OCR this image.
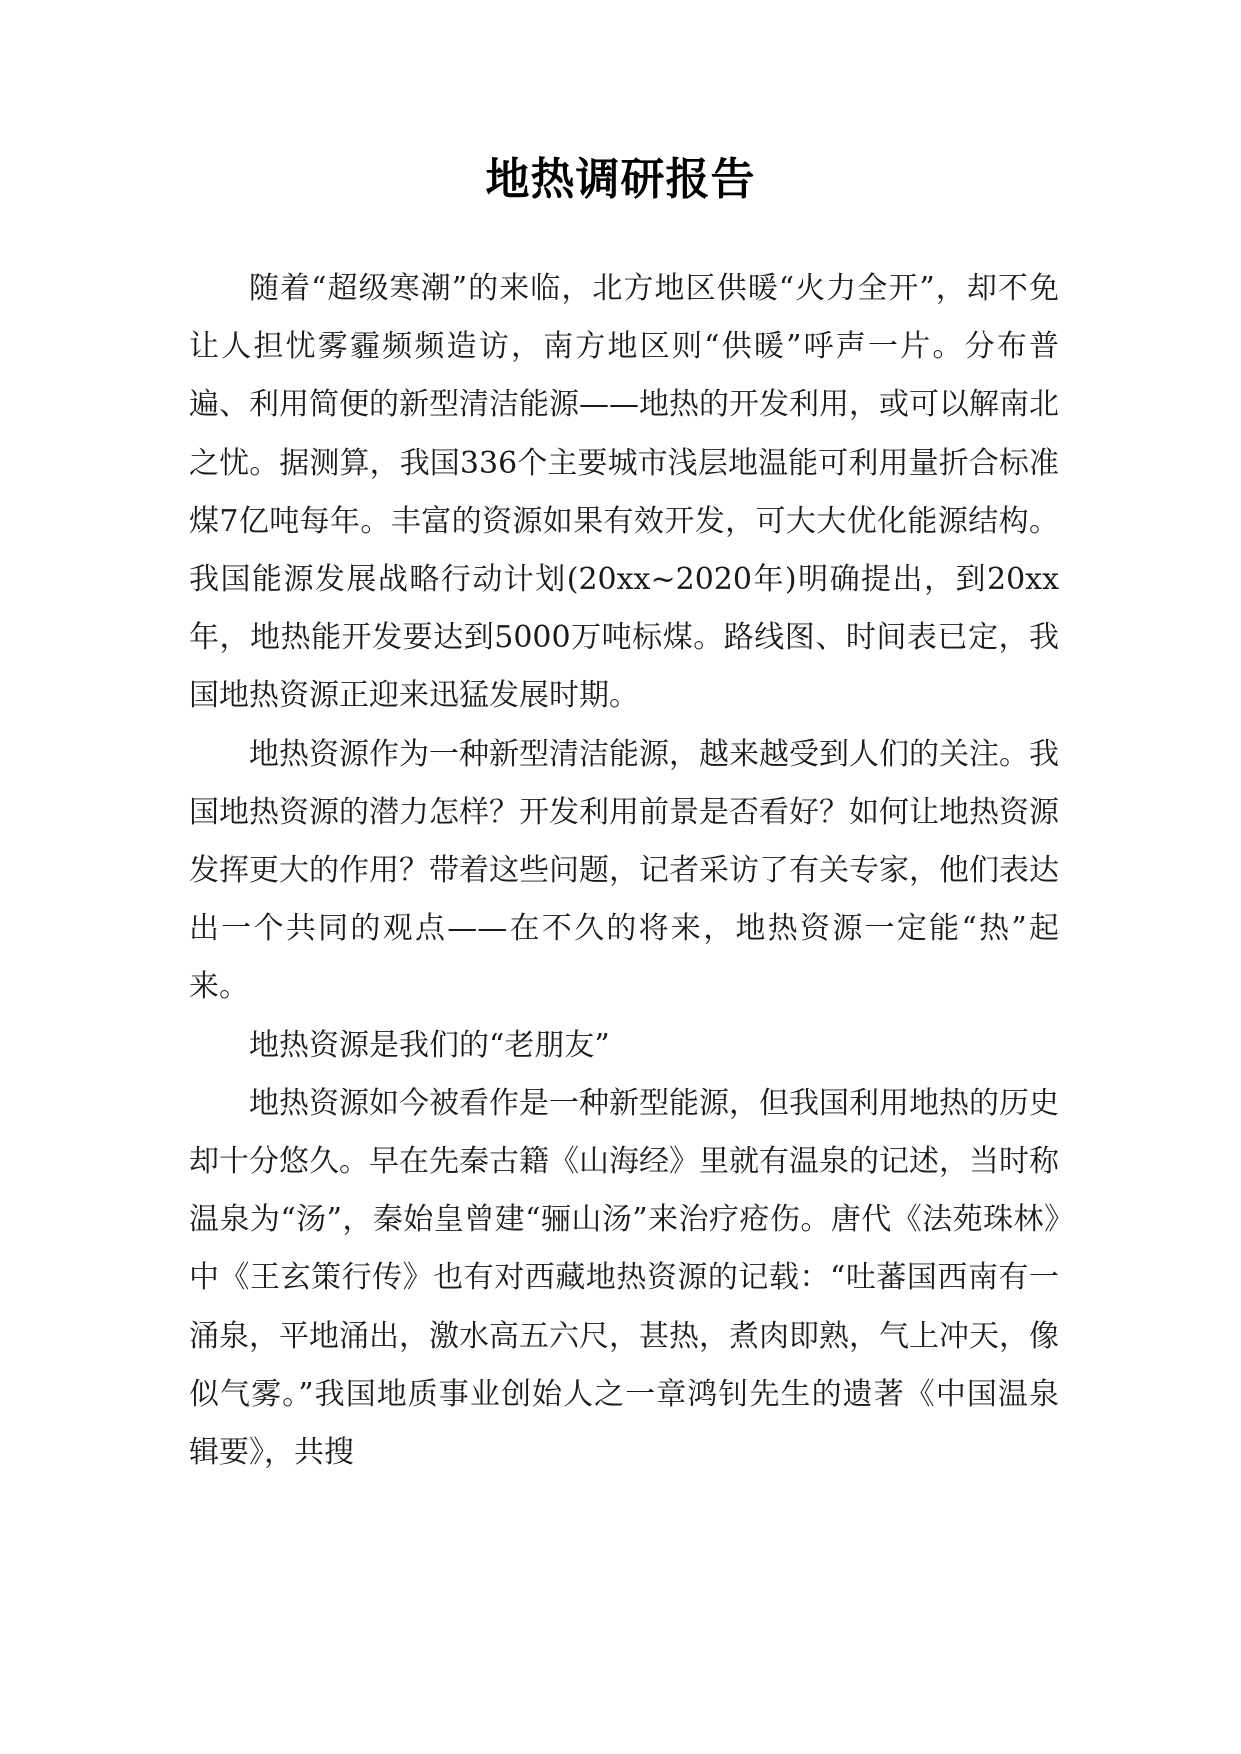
地热调研报告

随着“超级寒潮”的来临，北方地区供暖“火力全开”，却不免让人担忧雾霾频频造访，南方地区则“供暖”呼声一片。分布普遍、利用简便的新型清洁能源——地热的开发利用，或可以解南北之忧。据测算，我国336个主要城市浅层地温能可利用量折合标准煤7亿吨每年。丰富的资源如果有效开发，可大大优化能源结构。我国能源发展战略行动计划(20xx~2020年)明确提出，到20xx年，地热能开发要达到5000万吨标煤。路线图、时间表已定，我国地热资源正迎来迅猛发展时期。

地热资源作为一种新型清洁能源，越来越受到人们的关注。我国地热资源的潜力怎样？开发利用前景是否看好？如何让地热资源发挥更大的作用？带着这些问题，记者采访了有关专家，他们表达出一个共同的观点——在不久的将来，地热资源一定能“热”起来。

地热资源是我们的“老朋友”

地热资源如今被看作是一种新型能源，但我国利用地热的历史却十分悠久。早在先秦古籍《山海经》里就有温泉的记述，当时称温泉为“汤”，秦始皇曾建“骊山汤”来治疗疮伤。唐代《法苑珠林》中《王玄策行传》也有对西藏地热资源的记载：“吐蕃国西南有一涌泉，平地涌出，激水高五六尺，甚热，煮肉即熟，气上冲天，像似气雾。”我国地质事业创始人之一章鸿钊先生的遗著《中国温泉辑要》，共搜
